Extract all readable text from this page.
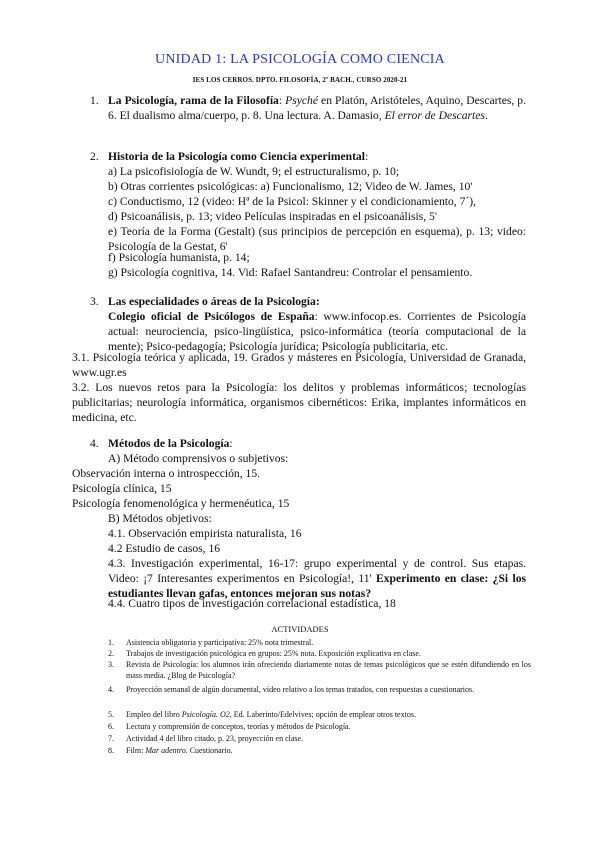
UNIDAD 1: LA PSICOLOGÍA COMO CIENCIA
IES LOS CERROS. DPTO. FILOSOFÍA, 2º BACH., CURSO 2020-21
1. La Psicología, rama de la Filosofía: Psyché en Platón, Aristóteles, Aquino, Descartes, p. 6. El dualismo alma/cuerpo, p. 8. Una lectura. A. Damasio, El error de Descartes.
2. Historia de la Psicología como Ciencia experimental:
a) La psicofisiología de W. Wundt, 9; el estructuralismo, p. 10;
b) Otras corrientes psicológicas: a) Funcionalismo, 12; Video de W. James, 10'
c) Conductismo, 12 (video: Hª de la Psicol: Skinner y el condicionamiento, 7´),
d) Psicoanálisis, p. 13; video Películas inspiradas en el psicoanálisis, 5'
e) Teoría de la Forma (Gestalt) (sus principios de percepción en esquema), p. 13; video: Psicología de la Gestat, 6'
f) Psicología humanista, p. 14;
g) Psicología cognitiva, 14. Vid: Rafael Santandreu: Controlar el pensamiento.
3. Las especialidades o áreas de la Psicología:
Colegio oficial de Psicólogos de España: www.infocop.es. Corrientes de Psicología actual: neurociencia, psico-lingüística, psico-informática (teoría computacional de la mente); Psico-pedagogía; Psicología jurídica; Psicología publicitaria, etc.
3.1. Psicología teórica y aplicada, 19. Grados y másteres en Psicología, Universidad de Granada, www.ugr.es
3.2. Los nuevos retos para la Psicología: los delitos y problemas informáticos; tecnologías publicitarias; neurología informática, organismos cibernéticos: Erika, implantes informáticos en medicina, etc.
4. Métodos de la Psicología:
A) Método comprensivos o subjetivos:
Observación interna o introspección, 15.
Psicología clínica, 15
Psicología fenomenológica y hermenéutica, 15
B) Métodos objetivos:
4.1. Observación empirista naturalista, 16
4.2 Estudio de casos, 16
4.3. Investigación experimental, 16-17: grupo experimental y de control. Sus etapas. Video: ¡7 Interesantes experimentos en Psicología!, 11' Experimento en clase: ¿Si los estudiantes llevan gafas, entonces mejoran sus notas?
4.4. Cuatro tipos de investigación correlacional estadística, 18
ACTIVIDADES
1. Asistencia obligatoria y participativa: 25% nota trimestral.
2. Trabajos de investigación psicológica en grupos: 25% nota. Exposición explicativa en clase.
3. Revista de Psicología: los alumnos irán ofreciendo diariamente notas de temas psicológicos que se estén difundiendo en los mass media. ¿Blog de Psicología?
4. Proyección semanal de algún documental, vídeo relativo a los temas tratados, con respuestas a cuestionarios.
5. Empleo del libro Psicología. O2, Ed. Laberinto/Edelvives; opción de emplear otros textos.
6. Lectura y comprensión de conceptos, teorías y métodos de Psicología.
7. Actividad 4 del libro citado, p. 23, proyección en clase.
8. Film: Mar adentro. Cuestionario.
